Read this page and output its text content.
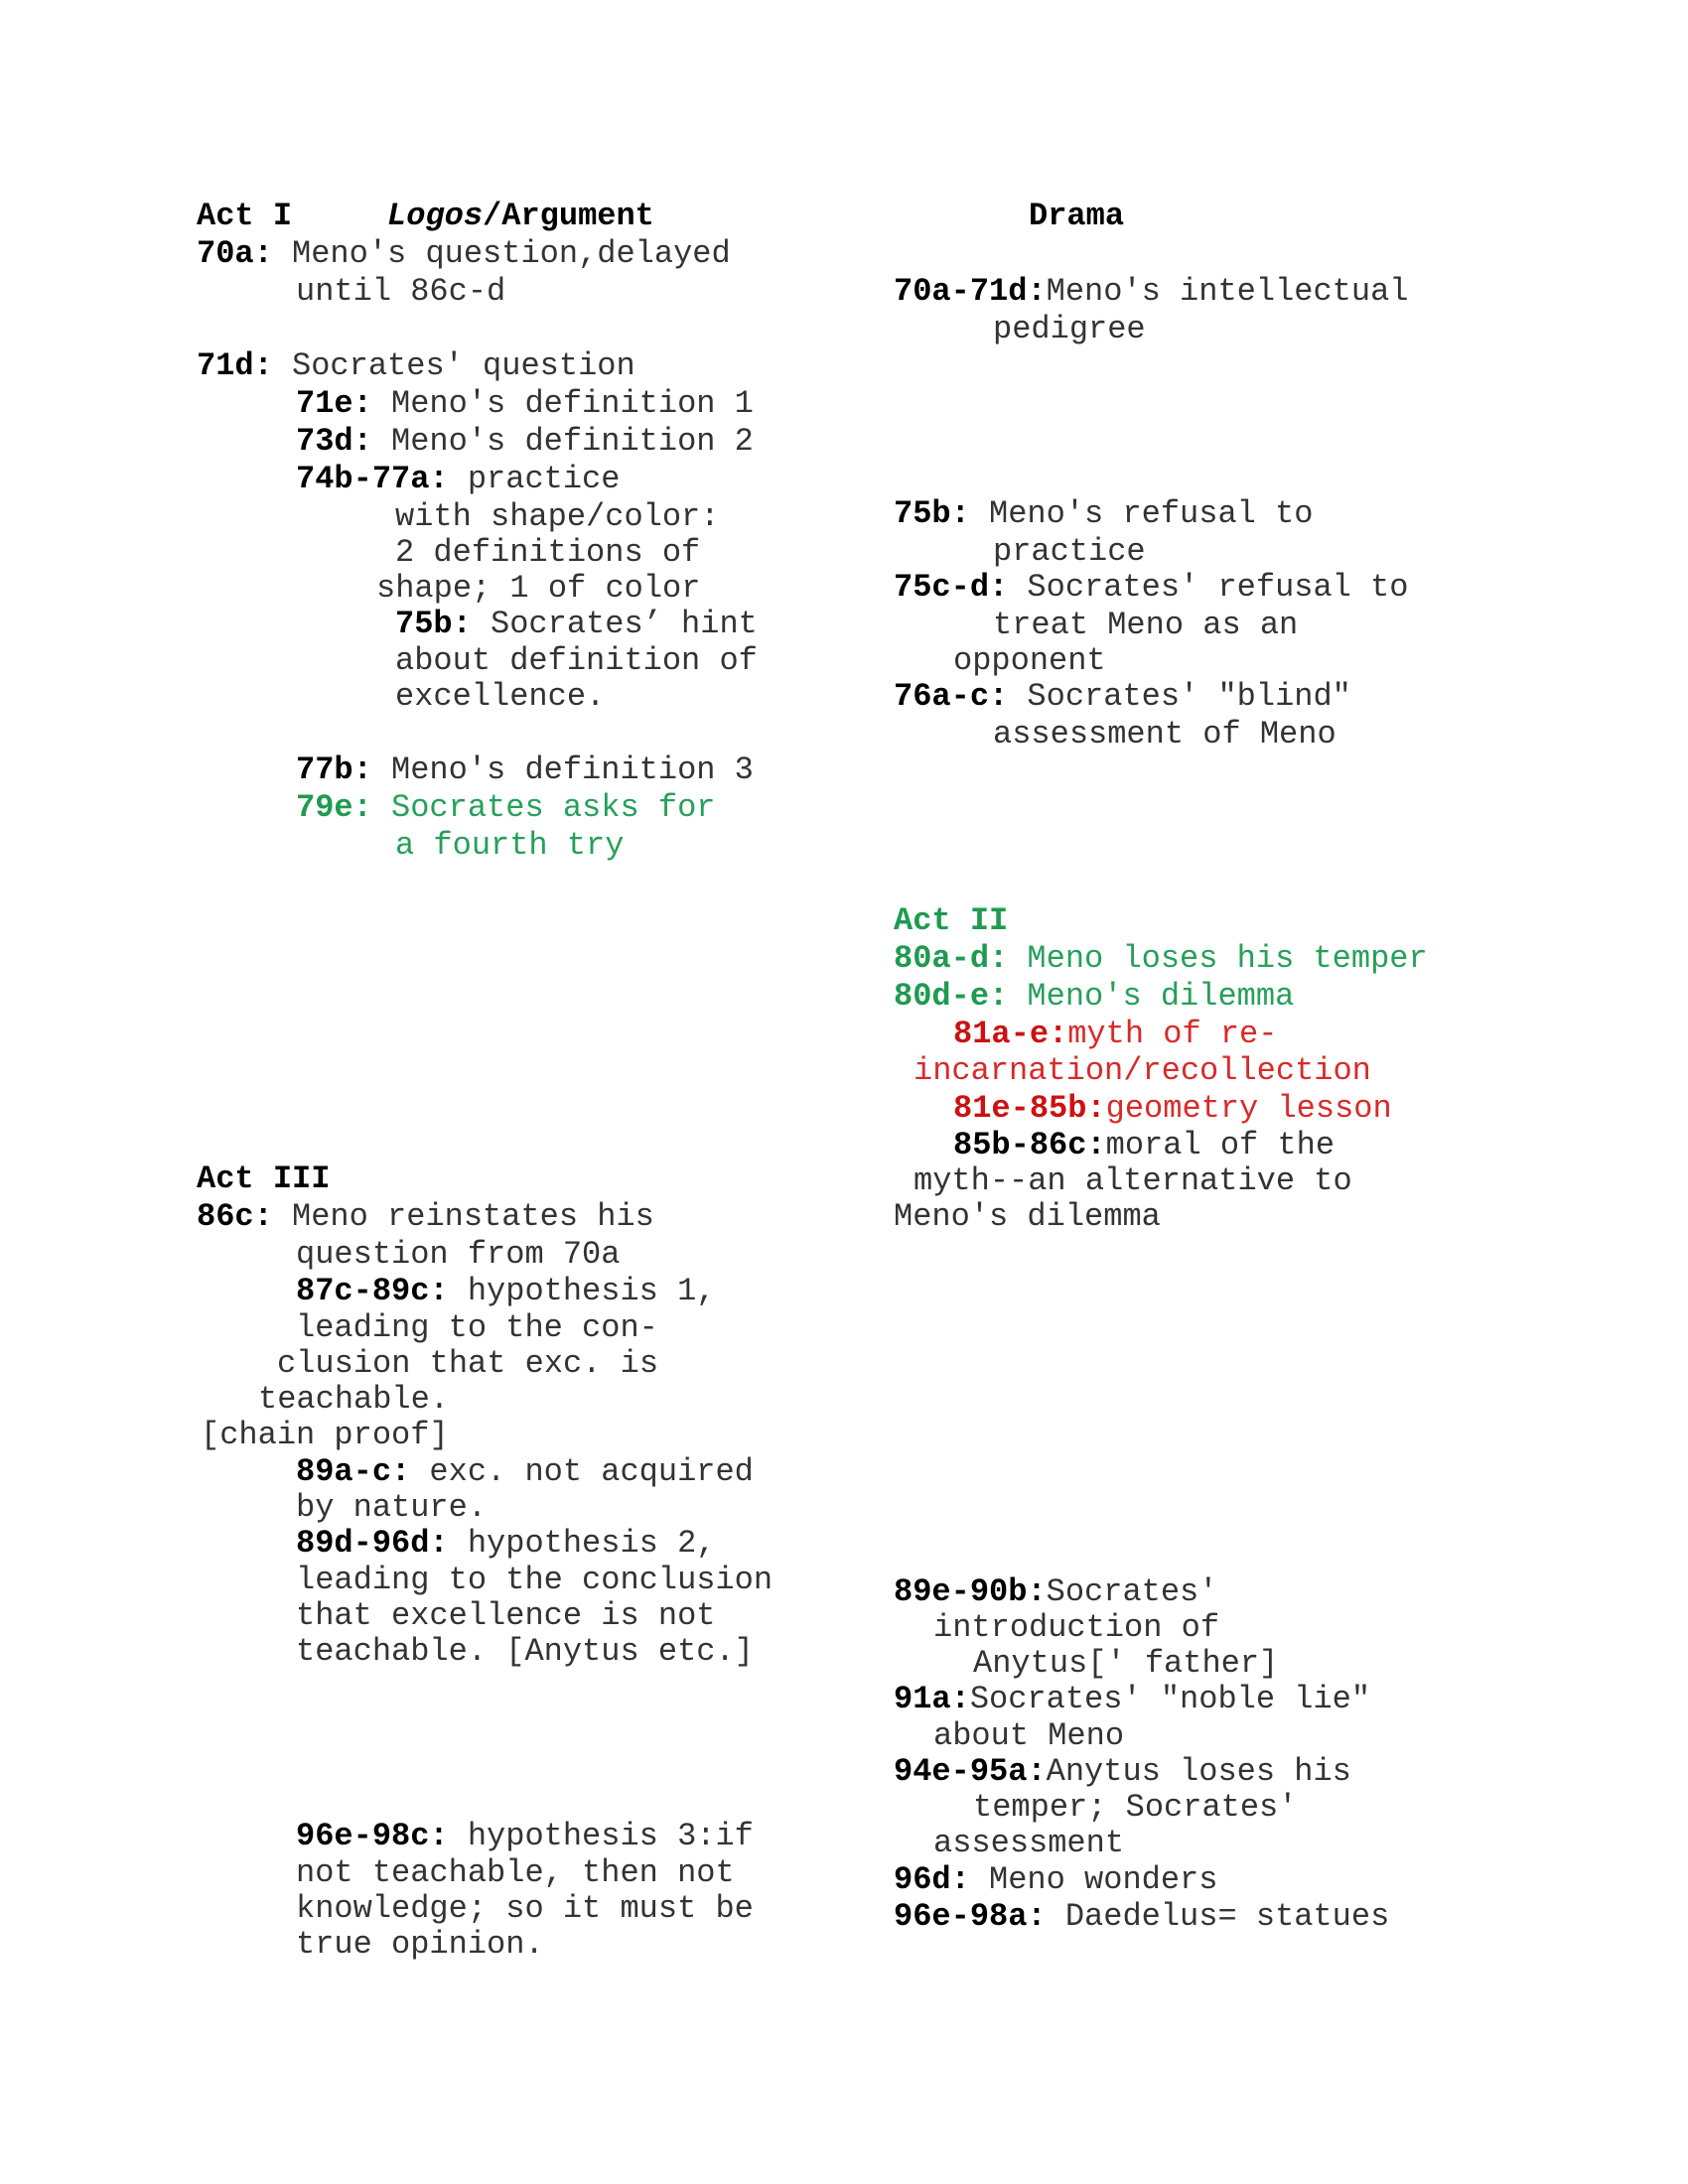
Act I	Logos/Argument	Drama
70a: Meno's question,delayed
until 86c-d
71d: Socrates' question
71e: Meno's definition 1
73d: Meno's definition 2
74b-77a: practice
with shape/color:
2 definitions of
shape; 1 of color
75b: Socrates’ hint
about definition of
excellence.
77b: Meno's definition 3
79e: Socrates asks for
a fourth try
Act III
86c: Meno reinstates his
question from 70a
87c-89c: hypothesis 1,
leading to the con-
clusion that exc. is
teachable.
[chain proof]
89a-c: exc. not acquired
by nature.
89d-96d: hypothesis 2,
leading to the conclusion
that excellence is not
teachable. [Anytus etc.]
96e-98c: hypothesis 3:if
not teachable, then not
knowledge; so it must be
true opinion.
70a-71d:Meno's intellectual
pedigree
75b: Meno's refusal to
practice
75c-d: Socrates' refusal to
treat Meno as an
opponent
76a-c: Socrates' "blind"
assessment of Meno
Act II
80a-d: Meno loses his temper
80d-e: Meno's dilemma
81a-e:myth of re-
incarnation/recollection
81e-85b:geometry lesson
85b-86c:moral of the
myth--an alternative to
Meno's dilemma
89e-90b:Socrates'
introduction of
Anytus[' father]
91a:Socrates' "noble lie"
about Meno
94e-95a:Anytus loses his
temper; Socrates'
assessment
96d: Meno wonders
96e-98a: Daedelus= statues
